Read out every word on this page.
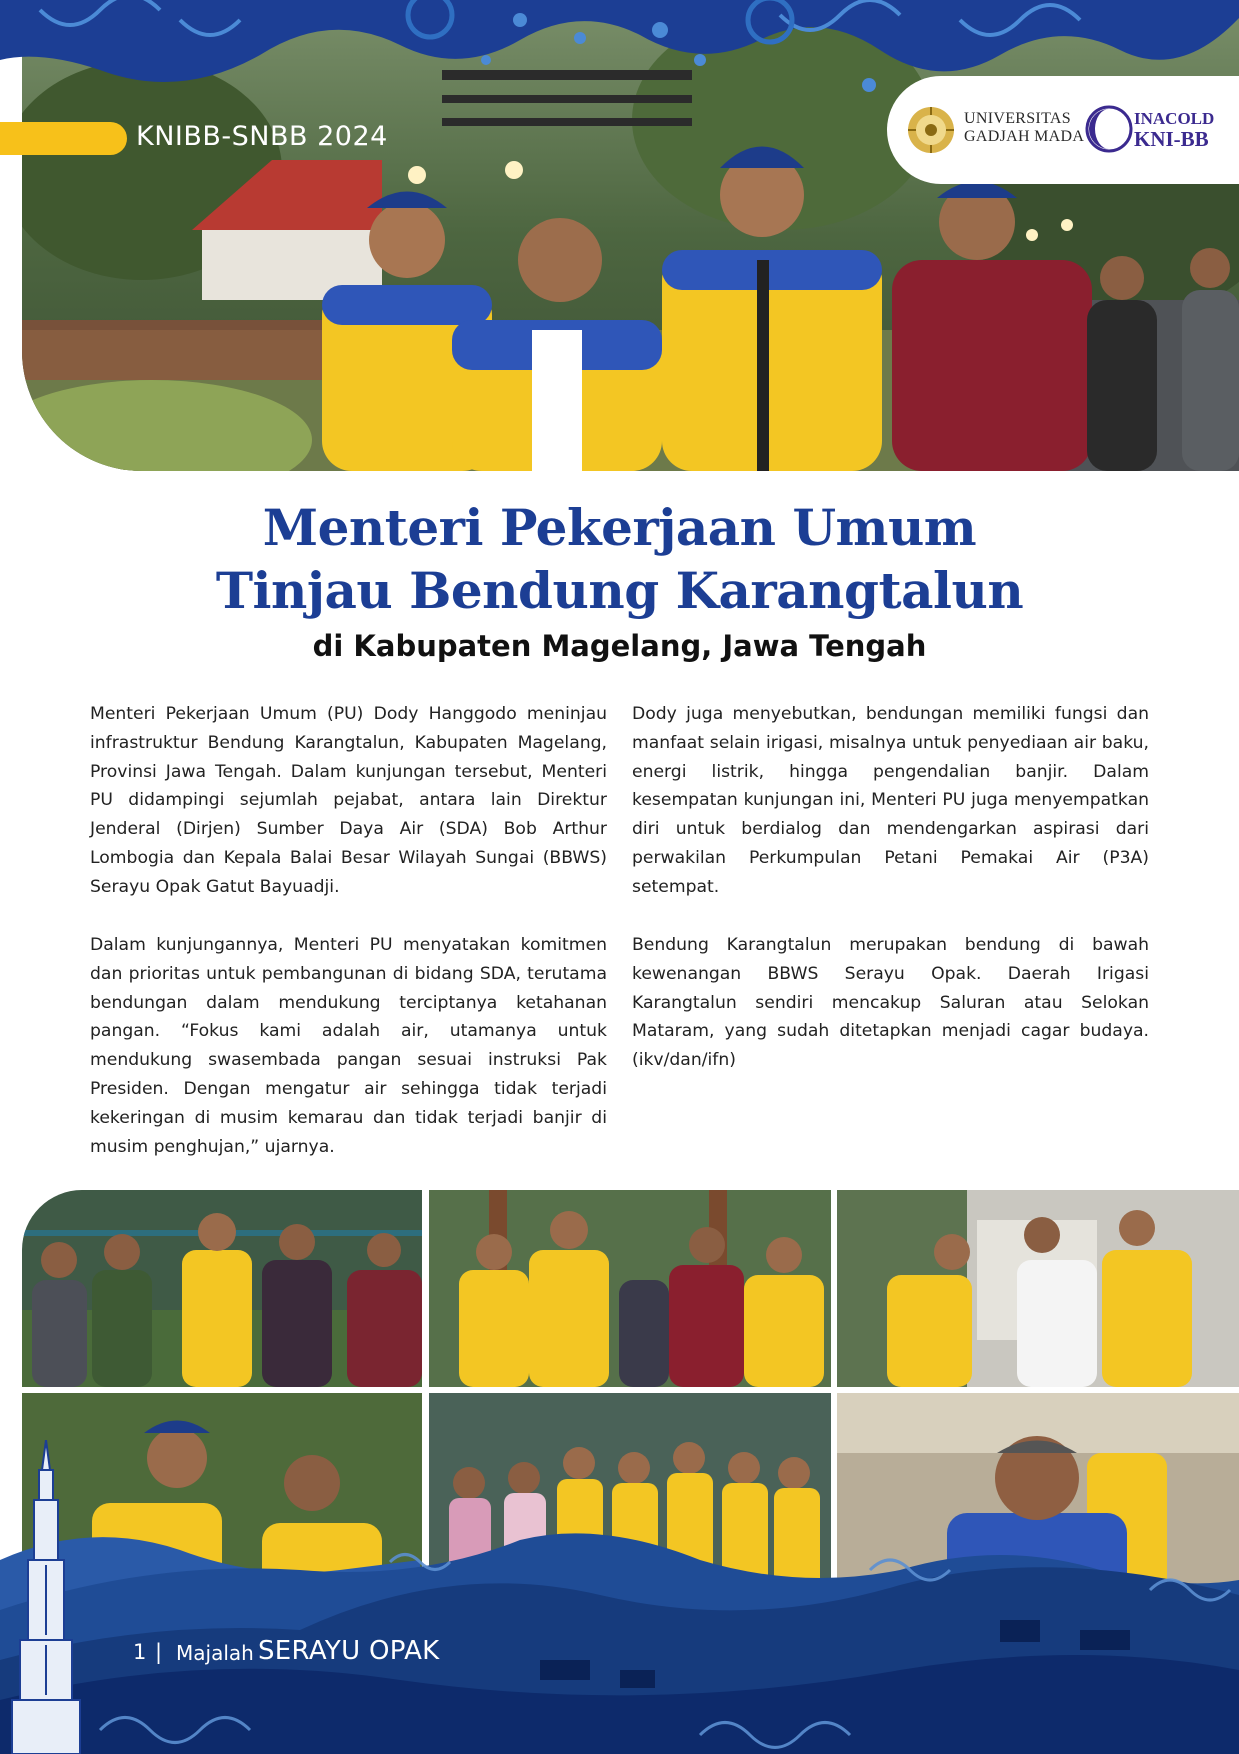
KNIBB-SNBB 2024
UNIVERSITAS
GADJAH MADA
INACOLD
KNI-BB
Menteri Pekerjaan Umum
Tinjau Bendung Karangtalun
di Kabupaten Magelang, Jawa Tengah

Menteri Pekerjaan Umum (PU) Dody Hanggodo meninjau infrastruktur Bendung Karangtalun, Kabupaten Magelang, Provinsi Jawa Tengah. Dalam kunjungan tersebut, Menteri PU didampingi sejumlah pejabat, antara lain Direktur Jenderal (Dirjen) Sumber Daya Air (SDA) Bob Arthur Lombogia dan Kepala Balai Besar Wilayah Sungai (BBWS) Serayu Opak Gatut Bayuadji.

Dalam kunjungannya, Menteri PU menyatakan komitmen dan prioritas untuk pembangunan di bidang SDA, terutama bendungan dalam mendukung terciptanya ketahanan pangan. “Fokus kami adalah air, utamanya untuk mendukung swasembada pangan sesuai instruksi Pak Presiden. Dengan mengatur air sehingga tidak terjadi kekeringan di musim kemarau dan tidak terjadi banjir di musim penghujan,” ujarnya.

Dody juga menyebutkan, bendungan memiliki fungsi dan manfaat selain irigasi, misalnya untuk penyediaan air baku, energi listrik, hingga pengendalian banjir. Dalam kesempatan kunjungan ini, Menteri PU juga menyempatkan diri untuk berdialog dan mendengarkan aspirasi dari perwakilan Perkumpulan Petani Pemakai Air (P3A) setempat.

Bendung Karangtalun merupakan bendung di bawah kewenangan BBWS Serayu Opak. Daerah Irigasi Karangtalun sendiri mencakup Saluran atau Selokan Mataram, yang sudah ditetapkan menjadi cagar budaya. (ikv/dan/ifn)

1 | Majalah SERAYU OPAK
